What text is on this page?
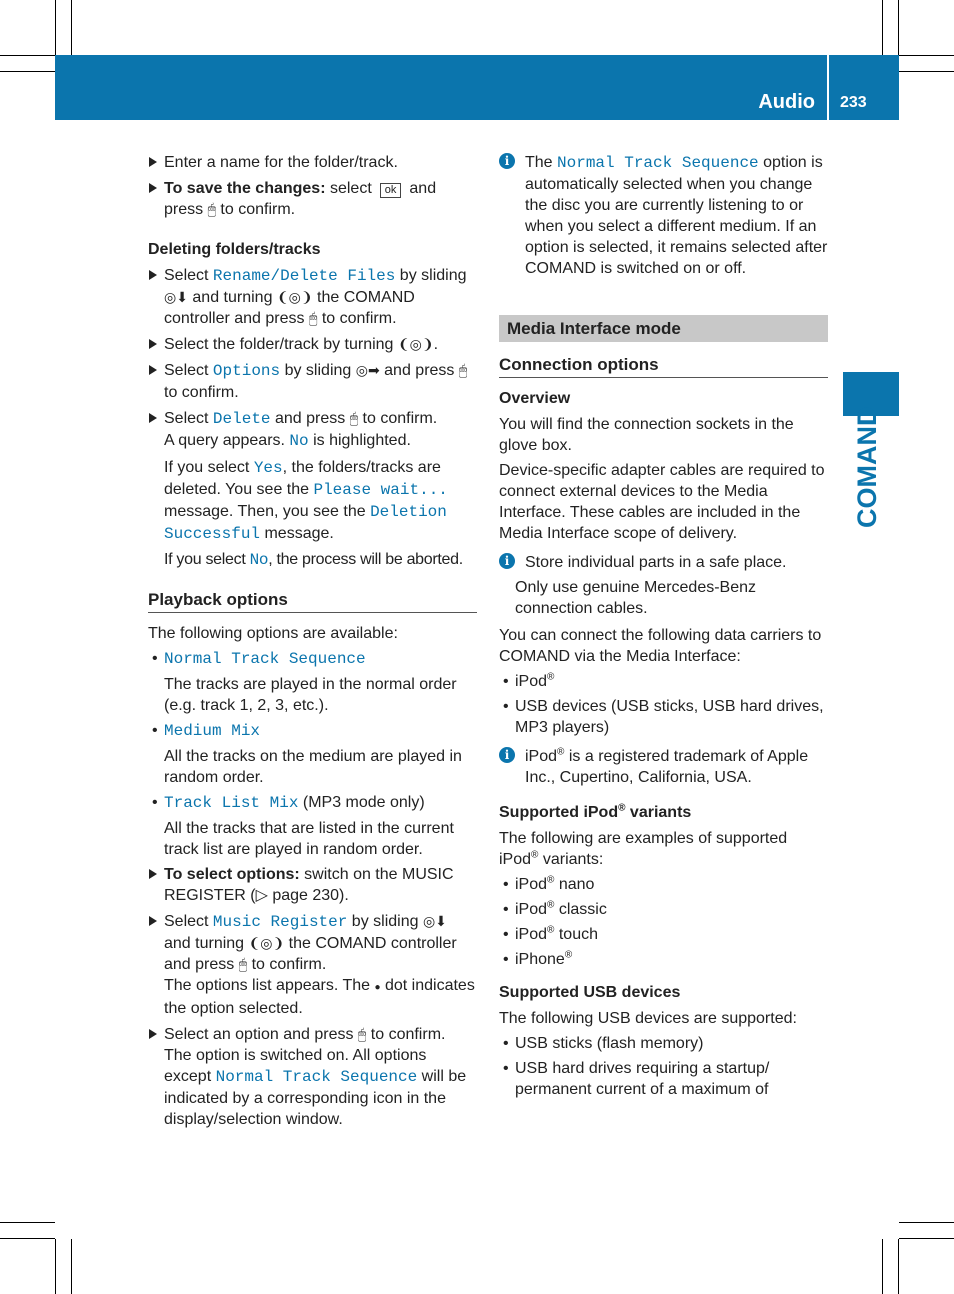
Audio 233
COMAND
Enter a name for the folder/track.
To save the changes: select ok and press 🖱 to confirm.
Deleting folders/tracks
Select Rename/Delete Files by sliding ◎⬇ and turning ❨◎❩ the COMAND controller and press 🖱 to confirm.
Select the folder/track by turning ❨◎❩.
Select Options by sliding ◎➡ and press 🖱 to confirm.
Select Delete and press 🖱 to confirm.
A query appears. No is highlighted.

If you select Yes, the folders/tracks are deleted. You see the Please wait... message. Then, you see the Deletion Successful message.

If you select No, the process will be aborted.

Playback options

The following options are available:

• Normal Track Sequence

The tracks are played in the normal order (e.g. track 1, 2, 3, etc.).

• Medium Mix

All the tracks on the medium are played in random order.

• Track List Mix (MP3 mode only)

All the tracks that are listed in the current track list are played in random order.

To select options: switch on the MUSIC REGISTER (▷ page 230).
Select Music Register by sliding ◎⬇ and turning ❨◎❩ the COMAND controller and press 🖱 to confirm.
The options list appears. The ● dot indicates the option selected.
Select an option and press 🖱 to confirm.
The option is switched on. All options except Normal Track Sequence will be indicated by a corresponding icon in the display/selection window.
i The Normal Track Sequence option is automatically selected when you change the disc you are currently listening to or when you select a different medium. If an option is selected, it remains selected after COMAND is switched on or off.
Media Interface mode
Connection options
Overview

You will find the connection sockets in the glove box.

Device-specific adapter cables are required to connect external devices to the Media Interface. These cables are included in the Media Interface scope of delivery.

i Store individual parts in a safe place.
Only use genuine Mercedes-Benz connection cables.

You can connect the following data carriers to COMAND via the Media Interface:

• iPod®
• USB devices (USB sticks, USB hard drives, MP3 players)
i iPod® is a registered trademark of Apple Inc., Cupertino, California, USA.
Supported iPod® variants

The following are examples of supported iPod® variants:

• iPod® nano
• iPod® classic
• iPod® touch
• iPhone®
Supported USB devices

The following USB devices are supported:

• USB sticks (flash memory)
• USB hard drives requiring a startup/ permanent current of a maximum of
